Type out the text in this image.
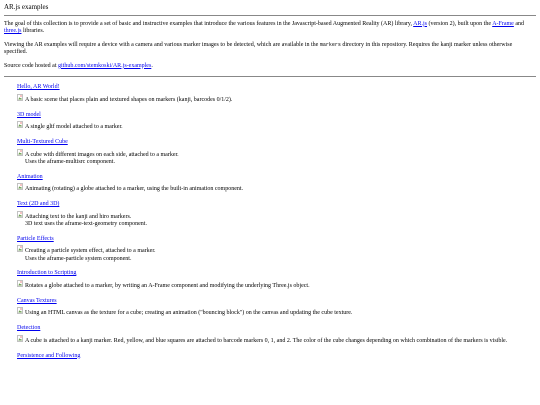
AR.js examples

The goal of this collection is to provide a set of basic and instructive examples that introduce the various features in the Javascript-based Augmented Reality (AR) library, AR.js (version 2), built upon the A-Frame and three.js libraries.

Viewing the AR examples will require a device with a camera and various marker images to be detected, which are available in the markers directory in this repository. Requires the kanji marker unless otherwise specified.

Source code hosted at github.com/stemkoski/AR.js-examples.

Hello, AR World!
A basic scene that places plain and textured shapes on markers (kanji, barcodes 0/1/2).
3D model
A single gltf model attached to a marker.
Multi-Textured Cube
A cube with different images on each side, attached to a marker.
Uses the aframe-multisrc component.
Animation
Animating (rotating) a globe attached to a marker, using the built-in animation component.
Text (2D and 3D)
Attaching text to the kanji and hiro markers.
3D text uses the aframe-text-geometry component.
Particle Effects
Creating a particle system effect, attached to a marker.
Uses the aframe-particle system component.
Introduction to Scripting
Rotates a globe attached to a marker, by writing an A-Frame component and modifying the underlying Three.js object.
Canvas Textures
Using an HTML canvas as the texture for a cube; creating an animation ("bouncing block") on the canvas and updating the cube texture.
Detection
A cube is attached to a kanji marker. Red, yellow, and blue squares are attached to barcode markers 0, 1, and 2. The color of the cube changes depending on which combination of the markers is visible.
Persistence and Following
